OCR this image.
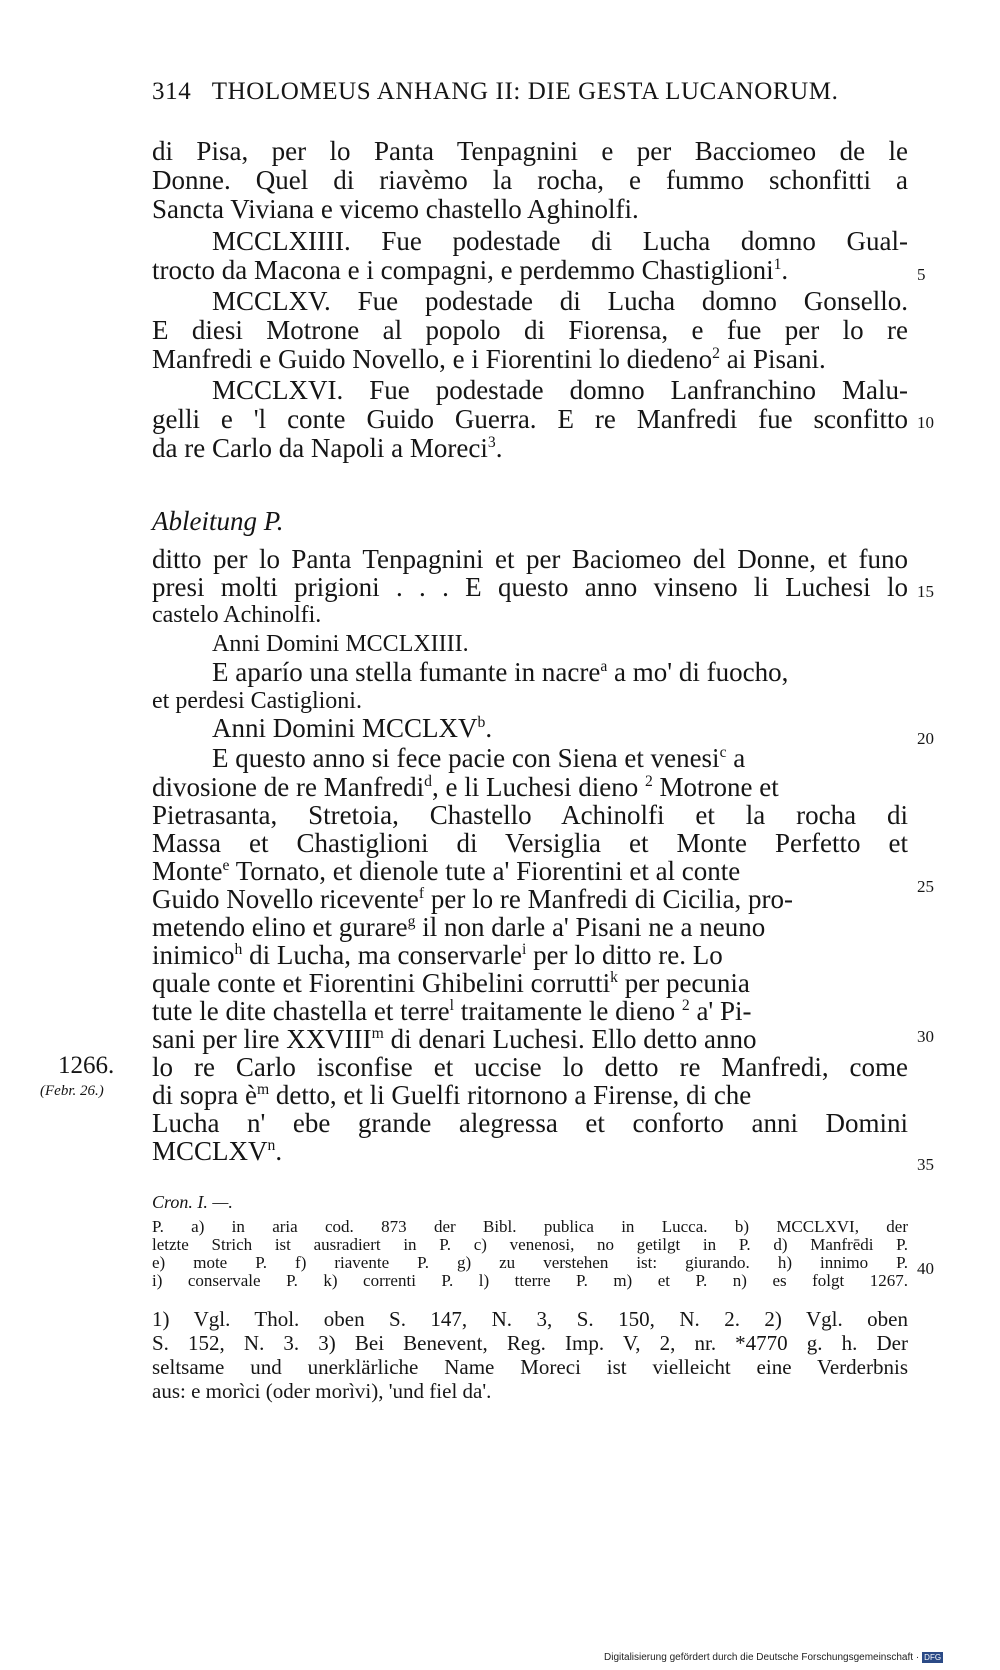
314 THOLOMEUS ANHANG II: DIE GESTA LUCANORUM.
di Pisa, per lo Panta Tenpagnini e per Bacciomeo de le
Donne. Quel di riavèmo la rocha, e fummo schonfitti a
Sancta Viviana e vicemo chastello Aghinolfi.
MCCLXIIII. Fue podestade di Lucha domno Gual-
trocto da Macona e i compagni, e perdemmo Chastiglioni$^1$.
MCCLXV. Fue podestade di Lucha domno Gonsello.
E diesi Motrone al popolo di Fiorensa, e fue per lo re
Manfredi e Guido Novello, e i Fiorentini lo diedeno$^2$ ai Pisani.
MCCLXVI. Fue podestade domno Lanfranchino Malu-
gelli e 'l conte Guido Guerra. E re Manfredi fue sconfitto
da re Carlo da Napoli a Moreci$^3$.
5
10
15
20
25
30
35
40
Ableitung P.
ditto per lo Panta Tenpagnini et per Baciomeo del Donne, et funo
presi molti prigioni . . . E questo anno vinseno li Luchesi lo
castelo Achinolfi.
Anni Domini MCCLXIIII.
E aparío una stella fumante in nacre$^a$ a mo' di fuocho,
et perdesi Castiglioni.
Anni Domini MCCLXV$^b$.
E questo anno si fece pacie con Siena et venesi$^c$ a
divosione de re Manfredi$^d$, e li Luchesi dieno $^2$ Motrone et
Pietrasanta, Stretoia, Chastello Achinolfi et la rocha di
Massa et Chastiglioni di Versiglia et Monte Perfetto et
Monte$^e$ Tornato, et dienole tute a' Fiorentini et al conte
Guido Novello ricevente$^f$ per lo re Manfredi di Cicilia, pro-
metendo elino et gurare$^g$ il non darle a' Pisani ne a neuno
inimico$^h$ di Lucha, ma conservarle$^i$ per lo ditto re. Lo
quale conte et Fiorentini Ghibelini corrutti$^k$ per pecunia
tute le dite chastella et terre$^l$ traitamente le dieno $^2$ a' Pi-
sani per lire XXVIII$^m$ di denari Luchesi. Ello detto anno
lo re Carlo isconfise et uccise lo detto re Manfredi, come
di sopra $è^m$ detto, et li Guelfi ritornono a Firense, di che
Lucha n' ebe grande alegressa et conforto anni Domini
MCCLXV$^n$.
1266.
(Febr. 26.)
Cron. I. —.
P. a) in aria cod. 873 der Bibl. publica in Lucca. b) MCCLXVI, der
letzte Strich ist ausradiert in P. c) venenosi, no getilgt in P. d) Manfrēdi P.
e) mote P. f) riavente P. g) zu verstehen ist: giurando. h) innimo P.
i) conservale P. k) correnti P. l) tterre P. m) et P. n) es folgt 1267.
1) Vgl. Thol. oben S. 147, N. 3, S. 150, N. 2. 2) Vgl. oben
S. 152, N. 3. 3) Bei Benevent, Reg. Imp. V, 2, nr. *4770 g. h. Der
seltsame und unerklärliche Name Moreci ist vielleicht eine Verderbnis
aus: e morìci (oder morìvi), 'und fiel da'.
Digitalisierung gefördert durch die Deutsche Forschungsgemeinschaft · DFG
